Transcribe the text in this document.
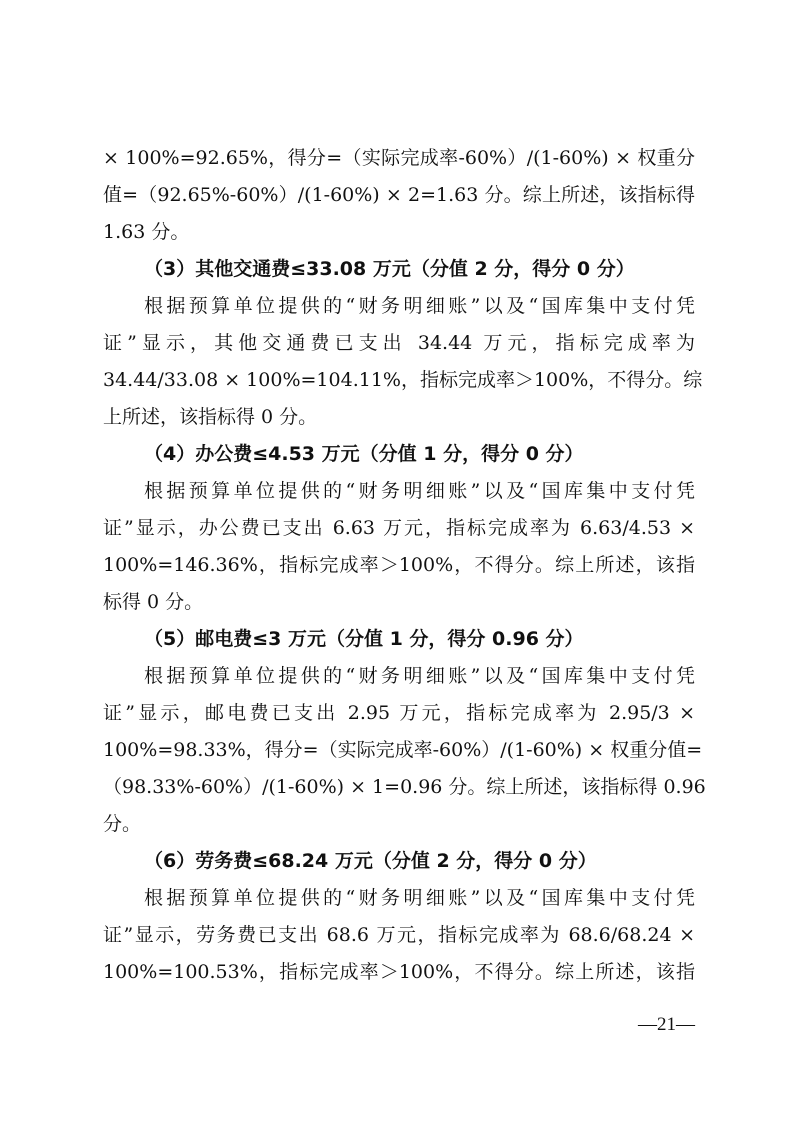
× 100%=92.65%，得分=（实际完成率-60%）/(1-60%) × 权重分
值=（92.65%-60%）/(1-60%) × 2=1.63 分。综上所述，该指标得
1.63 分。
（3）其他交通费≤33.08 万元（分值 2 分，得分 0 分）
根据预算单位提供的“财务明细账”以及“国库集中支付凭
证”显示，其他交通费已支出 34.44 万元，指标完成率为
34.44/33.08 × 100%=104.11%，指标完成率＞100%，不得分。综
上所述，该指标得 0 分。
（4）办公费≤4.53 万元（分值 1 分，得分 0 分）
根据预算单位提供的“财务明细账”以及“国库集中支付凭
证”显示，办公费已支出 6.63 万元，指标完成率为 6.63/4.53 ×
100%=146.36%，指标完成率＞100%，不得分。综上所述，该指
标得 0 分。
（5）邮电费≤3 万元（分值 1 分，得分 0.96 分）
根据预算单位提供的“财务明细账”以及“国库集中支付凭
证”显示，邮电费已支出 2.95 万元，指标完成率为 2.95/3 ×
100%=98.33%，得分=（实际完成率-60%）/(1-60%) × 权重分值=
（98.33%-60%）/(1-60%) × 1=0.96 分。综上所述，该指标得 0.96
分。
（6）劳务费≤68.24 万元（分值 2 分，得分 0 分）
根据预算单位提供的“财务明细账”以及“国库集中支付凭
证”显示，劳务费已支出 68.6 万元，指标完成率为 68.6/68.24 ×
100%=100.53%，指标完成率＞100%，不得分。综上所述，该指
—21—
